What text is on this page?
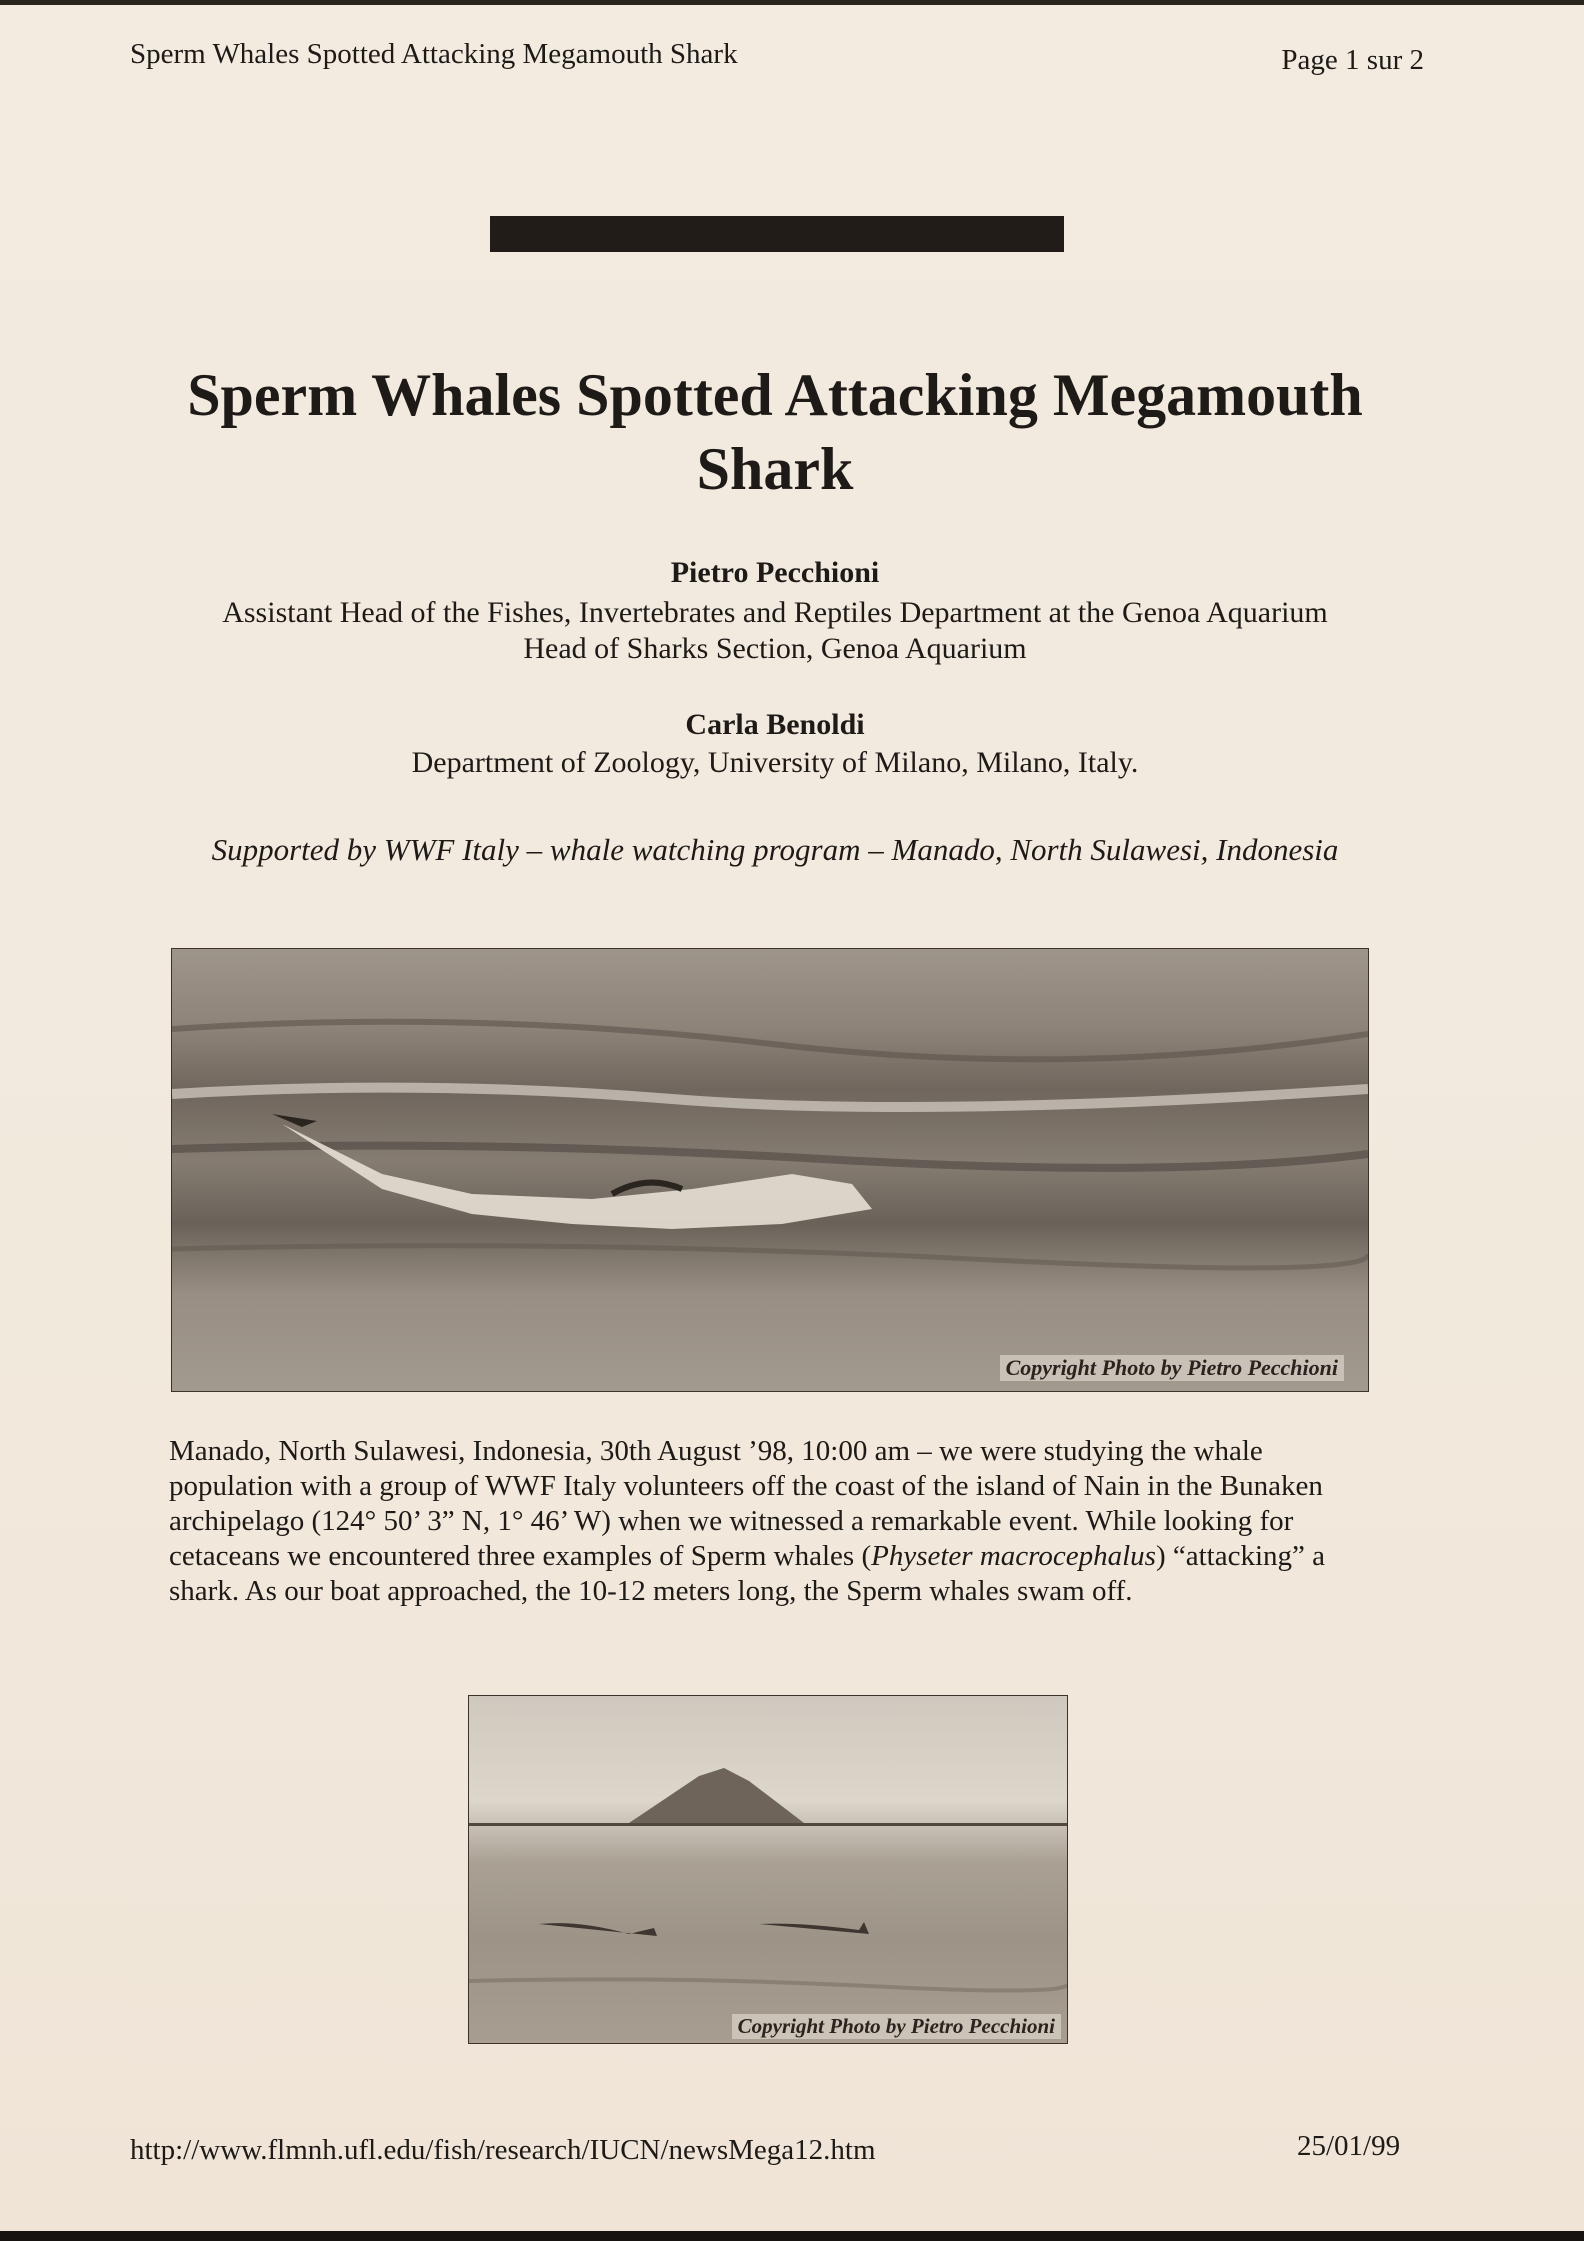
Sperm Whales Spotted Attacking Megamouth Shark	Page 1 sur 2
Sperm Whales Spotted Attacking Megamouth Shark
Pietro Pecchioni
Assistant Head of the Fishes, Invertebrates and Reptiles Department at the Genoa Aquarium
Head of Sharks Section, Genoa Aquarium
Carla Benoldi
Department of Zoology, University of Milano, Milano, Italy.
Supported by WWF Italy – whale watching program – Manado, North Sulawesi, Indonesia
Copyright Photo by Pietro Pecchioni
Manado, North Sulawesi, Indonesia, 30th August ’98, 10:00 am – we were studying the whale population with a group of WWF Italy volunteers off the coast of the island of Nain in the Bunaken archipelago (124° 50’ 3” N, 1° 46’ W) when we witnessed a remarkable event. While looking for cetaceans we encountered three examples of Sperm whales (Physeter macrocephalus) “attacking” a shark. As our boat approached, the 10-12 meters long, the Sperm whales swam off.
Copyright Photo by Pietro Pecchioni
http://www.flmnh.ufl.edu/fish/research/IUCN/newsMega12.htm	25/01/99
